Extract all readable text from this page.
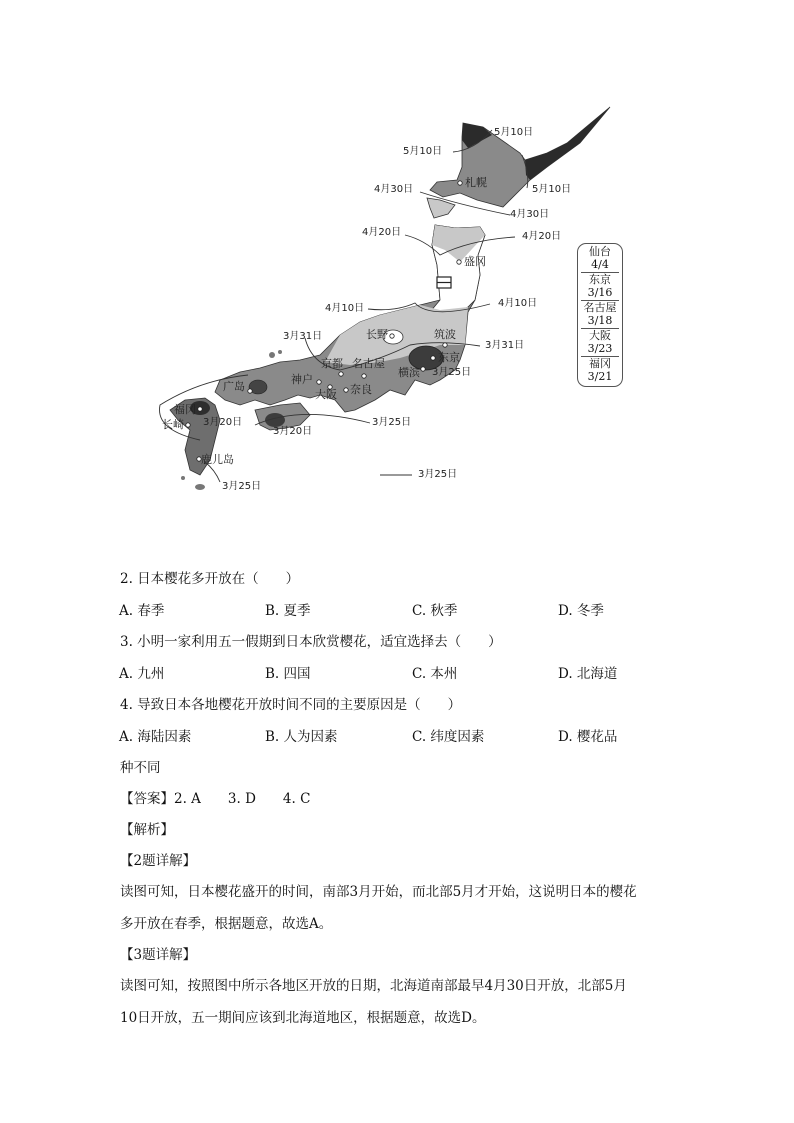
5月10日
5月10日
5月10日
4月30日
4月30日
4月20日	4月20日
4月10日	4月10日
3月31日
3月31日
3月25日
3月25日
3月20日
3月20日
3月25日
札幌
盛冈
长野	筑波
东京
京都 名古屋
横滨
神户
广岛
大阪 奈良
福冈
长崎
鹿儿岛
3月25日
仙台
4/4
东京
3/16
名古屋
3/18
大阪
3/23
福冈
3/21
2. 日本樱花多开放在（　　）
A. 春季	B. 夏季	C. 秋季	D. 冬季
3. 小明一家利用五一假期到日本欣赏樱花，适宜选择去（　　）
A. 九州	B. 四国	C. 本州	D. 北海道
4. 导致日本各地樱花开放时间不同的主要原因是（　　）
A. 海陆因素	B. 人为因素	C. 纬度因素	D. 樱花品
种不同
【答案】2. A　　3. D　　4. C
【解析】
【2题详解】
读图可知，日本樱花盛开的时间，南部3月开始，而北部5月才开始，这说明日本的樱花
多开放在春季，根据题意，故选A。
【3题详解】
读图可知，按照图中所示各地区开放的日期，北海道南部最早4月30日开放，北部5月
10日开放，五一期间应该到北海道地区，根据题意，故选D。
